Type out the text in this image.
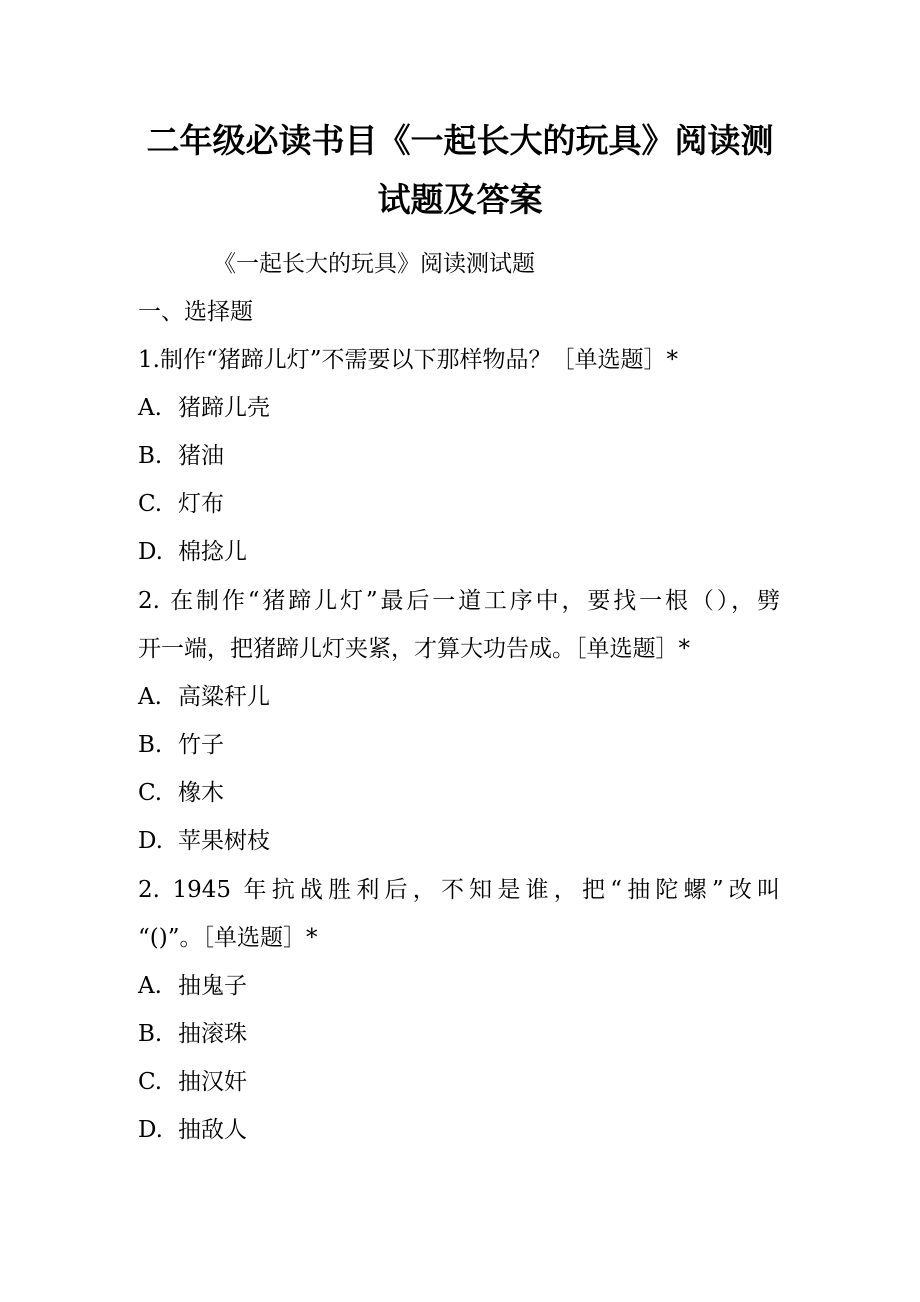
二年级必读书目《一起长大的玩具》阅读测
试题及答案
《一起长大的玩具》阅读测试题
一、选择题
1.制作“猪蹄儿灯”不需要以下那样物品？［单选题］*
A. 猪蹄儿壳
B. 猪油
C. 灯布
D. 棉捻儿
2. 在制作“猪蹄儿灯”最后一道工序中，要找一根（），劈
开一端，把猪蹄儿灯夹紧，才算大功告成。［单选题］*
A. 高粱秆儿
B. 竹子
C. 橡木
D. 苹果树枝
2. 1945 年抗战胜利后，不知是谁，把“抽陀螺”改叫
“()”。［单选题］*
A. 抽鬼子
B. 抽滚珠
C. 抽汉奸
D. 抽敌人
